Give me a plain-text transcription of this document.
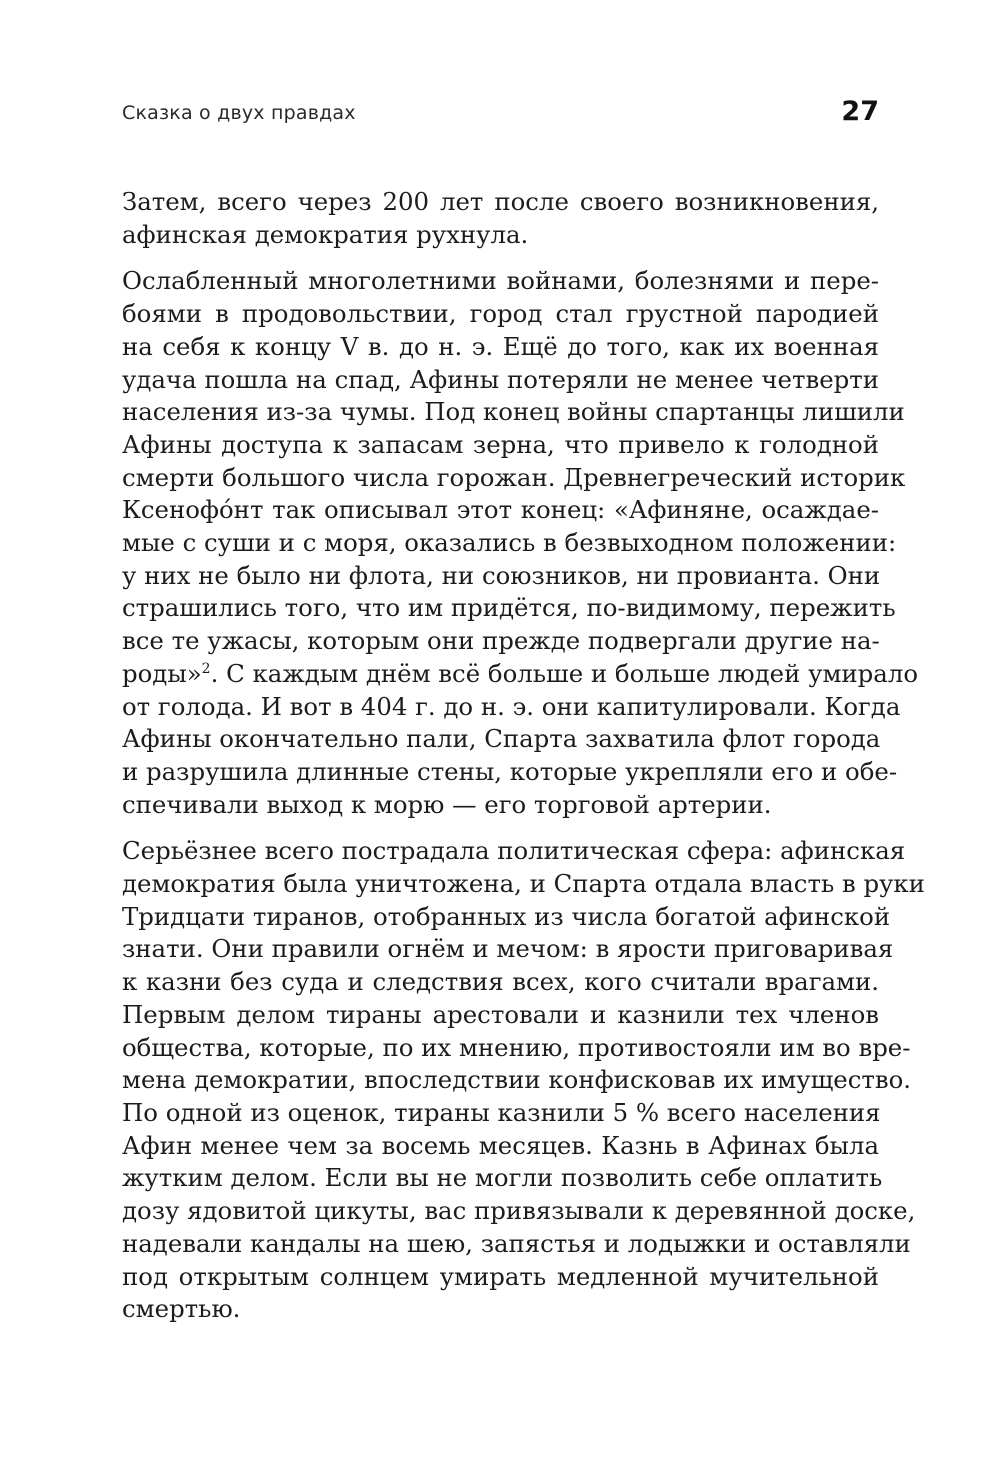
Сказка о двух правдах	27

Затем, всего через 200 лет после своего возникновения,
афинская демократия рухнула.

Ослабленный многолетними войнами, болезнями и пере-
боями в продовольствии, город стал грустной пародией
на себя к концу V в. до н. э. Ещё до того, как их военная
удача пошла на спад, Афины потеряли не менее четверти
населения из-за чумы. Под конец войны спартанцы лишили
Афины доступа к запасам зерна, что привело к голодной
смерти большого числа горожан. Древнегреческий историк
Ксенофóнт так описывал этот конец: «Афиняне, осаждае-
мые с суши и с моря, оказались в безвыходном положении:
у них не было ни флота, ни союзников, ни провианта. Они
страшились того, что им придётся, по-видимому, пережить
все те ужасы, которым они прежде подвергали другие на-
роды»$^2$. С каждым днём всё больше и больше людей умирало
от голода. И вот в 404 г. до н. э. они капитулировали. Когда
Афины окончательно пали, Спарта захватила флот города
и разрушила длинные стены, которые укрепляли его и обе-
спечивали выход к морю — его торговой артерии.

Серьёзнее всего пострадала политическая сфера: афинская
демократия была уничтожена, и Спарта отдала власть в руки
Тридцати тиранов, отобранных из числа богатой афинской
знати. Они правили огнём и мечом: в ярости приговаривая
к казни без суда и следствия всех, кого считали врагами.
Первым делом тираны арестовали и казнили тех членов
общества, которые, по их мнению, противостояли им во вре-
мена демократии, впоследствии конфисковав их имущество.
По одной из оценок, тираны казнили 5 % всего населения
Афин менее чем за восемь месяцев. Казнь в Афинах была
жутким делом. Если вы не могли позволить себе оплатить
дозу ядовитой цикуты, вас привязывали к деревянной доске,
надевали кандалы на шею, запястья и лодыжки и оставляли
под открытым солнцем умирать медленной мучительной
смертью.
